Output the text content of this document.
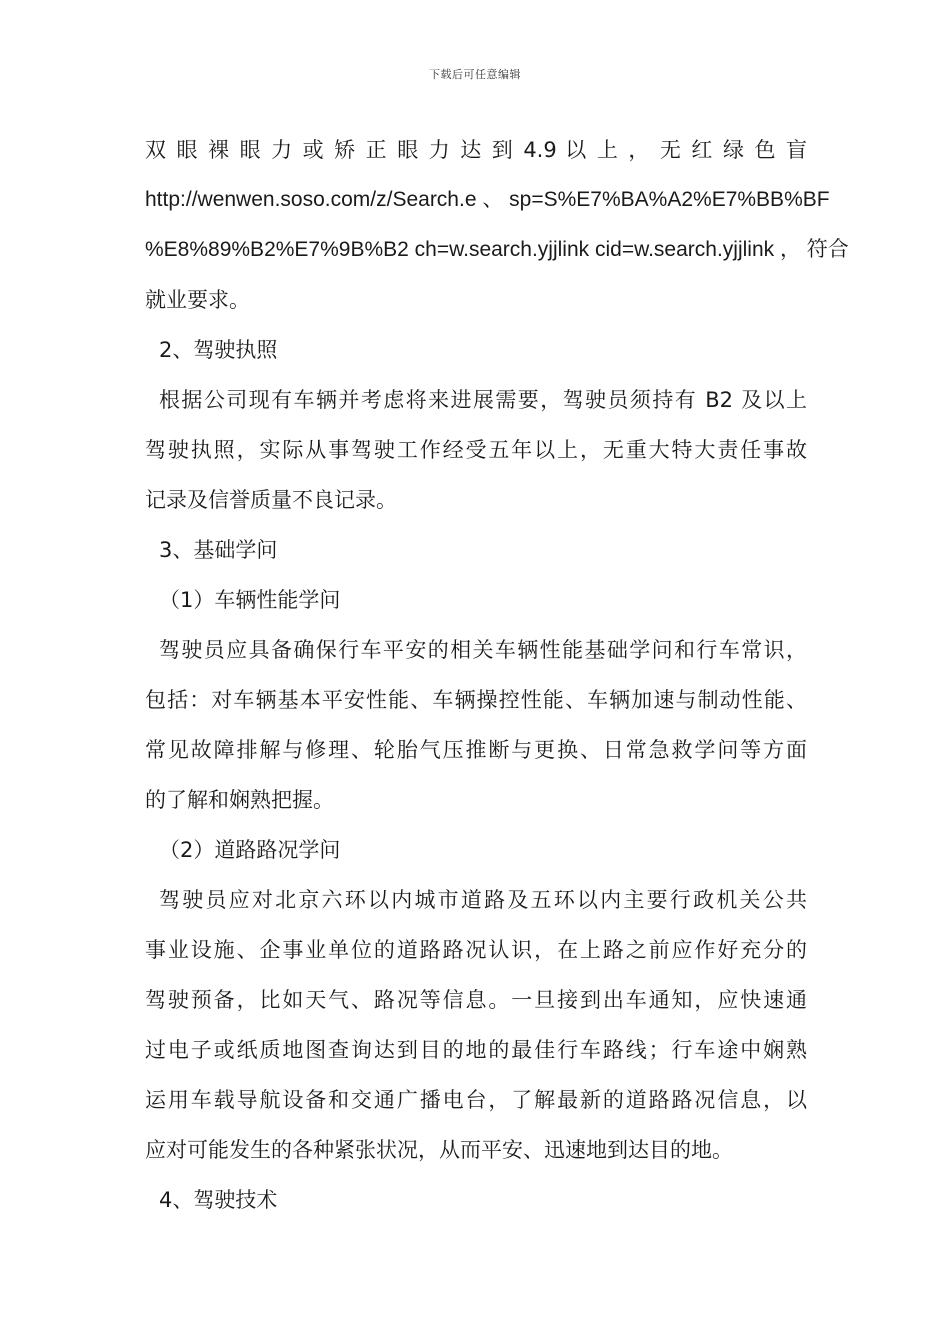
下载后可任意编辑
双 眼 裸 眼 力 或 矫 正 眼 力 达 到 4.9 以 上 ， 无 红 绿 色 盲
http://wenwen.soso.com/z/Search.e 、 sp=S%E7%BA%A2%E7%BB%BF
%E8%89%B2%E7%9B%B2 ch=w.search.yjjlink cid=w.search.yjjlink ， 符合
就业要求。
2、驾驶执照
根据公司现有车辆并考虑将来进展需要，驾驶员须持有 B2 及以上
驾驶执照，实际从事驾驶工作经受五年以上，无重大特大责任事故
记录及信誉质量不良记录。
3、基础学问
（1）车辆性能学问
驾驶员应具备确保行车平安的相关车辆性能基础学问和行车常识，
包括：对车辆基本平安性能、车辆操控性能、车辆加速与制动性能、
常见故障排解与修理、轮胎气压推断与更换、日常急救学问等方面
的了解和娴熟把握。
（2）道路路况学问
驾驶员应对北京六环以内城市道路及五环以内主要行政机关公共
事业设施、企事业单位的道路路况认识，在上路之前应作好充分的
驾驶预备，比如天气、路况等信息。一旦接到出车通知，应快速通
过电子或纸质地图查询达到目的地的最佳行车路线；行车途中娴熟
运用车载导航设备和交通广播电台，了解最新的道路路况信息，以
应对可能发生的各种紧张状况，从而平安、迅速地到达目的地。
4、驾驶技术
